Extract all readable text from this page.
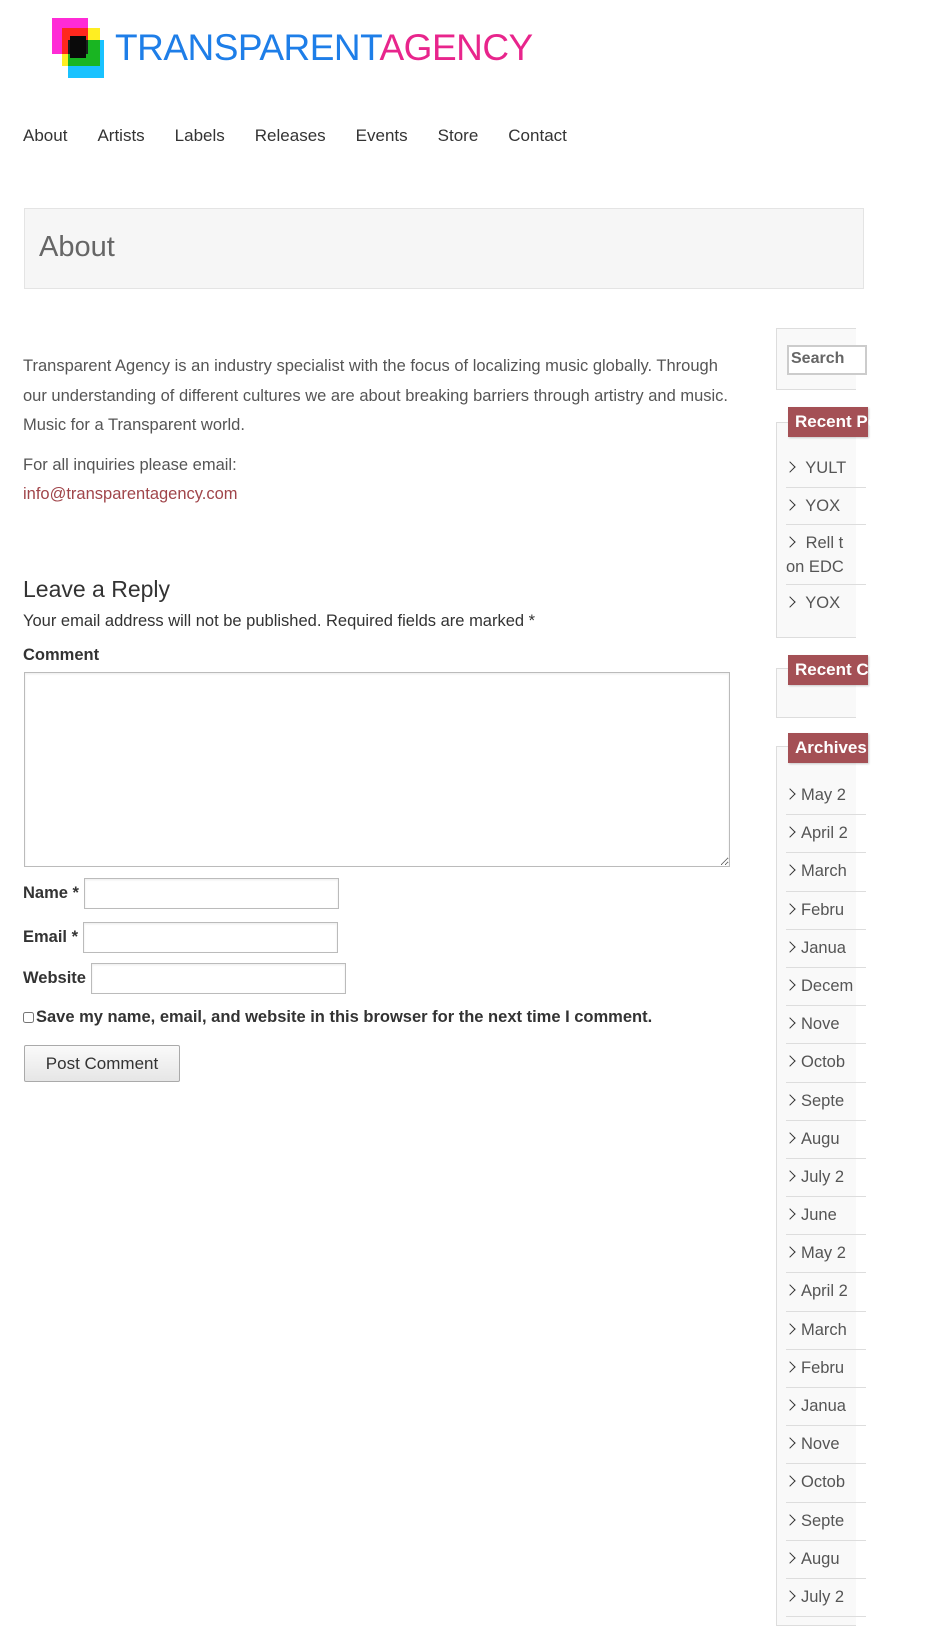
TRANSPARENTAGENCY
About Artists Labels Releases Events Store Contact
About

Transparent Agency is an industry specialist with the focus of localizing music globally. Through our understanding of different cultures we are about breaking barriers through artistry and music. Music for a Transparent world.

For all inquiries please email:

info@transparentagency.com
Leave a Reply
Your email address will not be published. Required fields are marked *
Comment
Name *
Email *
Website
Save my name, email, and website in this browser for the next time I comment.
Post Comment
Search
Recent Posts
YULT
YOX
Rell t
on EDC
YOX
Recent Comments
Archives
May 2
April 2
March
Febru
Janua
Decem
Nove
Octob
Septe
Augu
July 2
June
May 2
April 2
March
Febru
Janua
Nove
Octob
Septe
Augu
July 2
